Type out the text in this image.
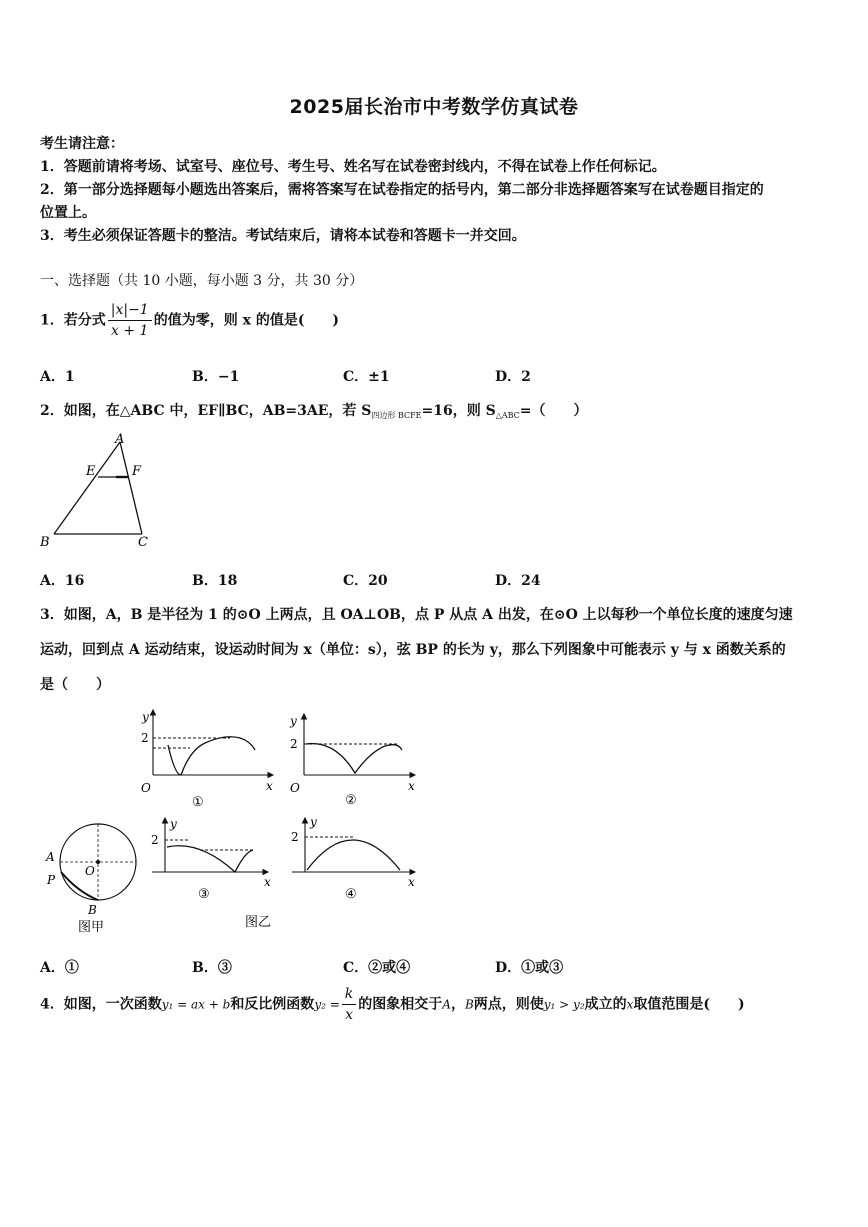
2025届长治市中考数学仿真试卷
考生请注意：
1．答题前请将考场、试室号、座位号、考生号、姓名写在试卷密封线内，不得在试卷上作任何标记。
2．第一部分选择题每小题选出答案后，需将答案写在试卷指定的括号内，第二部分非选择题答案写在试卷题目指定的
位置上。
3．考生必须保证答题卡的整洁。考试结束后，请将本试卷和答题卡一并交回。
一、选择题（共 10 小题，每小题 3 分，共 30 分）
1．若分式 $\frac{|x|-1}{x + 1}$ 的值为零，则 x 的值是(　　)
A．1	B．−1	C．±1	D．2
2．如图，在△ABC 中，EF∥BC，AB=3AE，若 $S_{四边形 BCFE}=16$，则 $S_{\triangle ABC}=$（　　）
A
E	F
B	C
A．16	B．18	C．20	D．24
3．如图，A，B 是半径为 1 的⊙O 上两点，且 OA⊥OB，点 P 从点 A 出发，在⊙O 上以每秒一个单位长度的速度匀速
运动，回到点 A 运动结束，设运动时间为 x（单位：s），弦 BP 的长为 y，那么下列图象中可能表示 y 与 x 函数关系的
是（　　）
y
2
O	x
①
y
2
O	x
②
A
P
O
B
图甲
y
2
x
③
y
2
x
④
图乙
A．①	B．③	C．②或④	D．①或③
4．如图，一次函数y₁ = ax + b和反比例函数$y_2 = \frac{k}{x}$ 的图象相交于A，B两点，则使y₁ > y₂成立的x取值范围是(　　)
